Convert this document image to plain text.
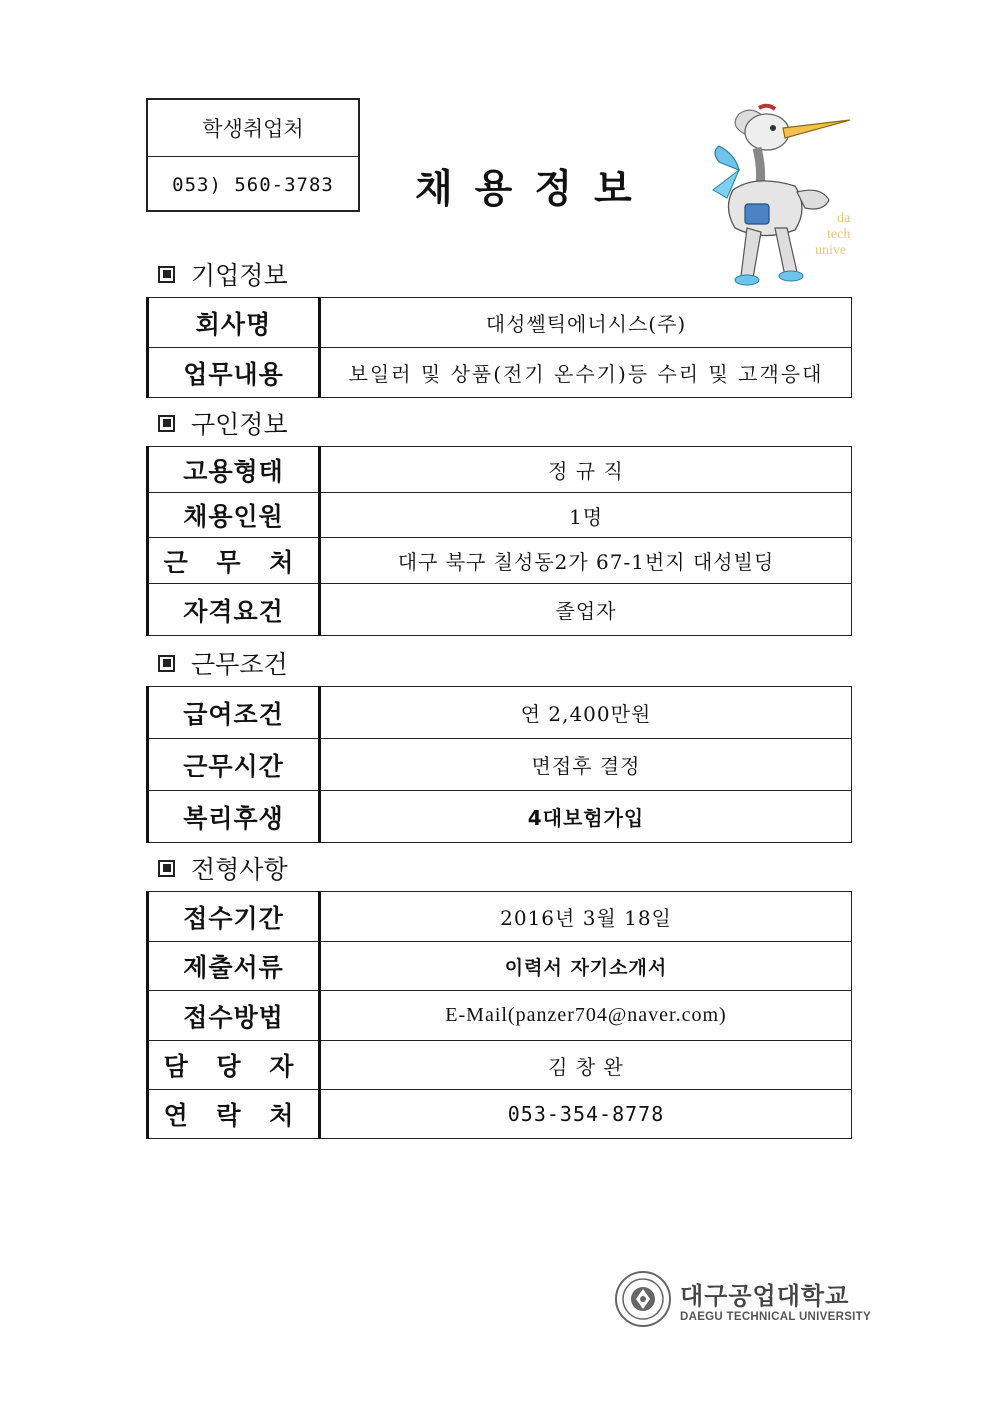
학생취업처
053) 560-3783	채용정보
da
tech
unive
기업정보
회사명	대성쎌틱에너시스(주)
업무내용	보일러 및 상품(전기 온수기)등 수리 및 고객응대
구인정보
고용형태	정 규 직
채용인원	1명
근 무 처	대구 북구 칠성동2가 67-1번지 대성빌딩
자격요건	졸업자
근무조건
급여조건	연 2,400만원
근무시간	면접후 결정
복리후생	4대보험가입
전형사항
접수기간	2016년 3월 18일
제출서류	이력서 자기소개서
접수방법	E-Mail(panzer704@naver.com)
담 당 자	김 창 완
연 락 처	053-354-8778
대구공업대학교
DAEGU TECHNICAL UNIVERSITY
